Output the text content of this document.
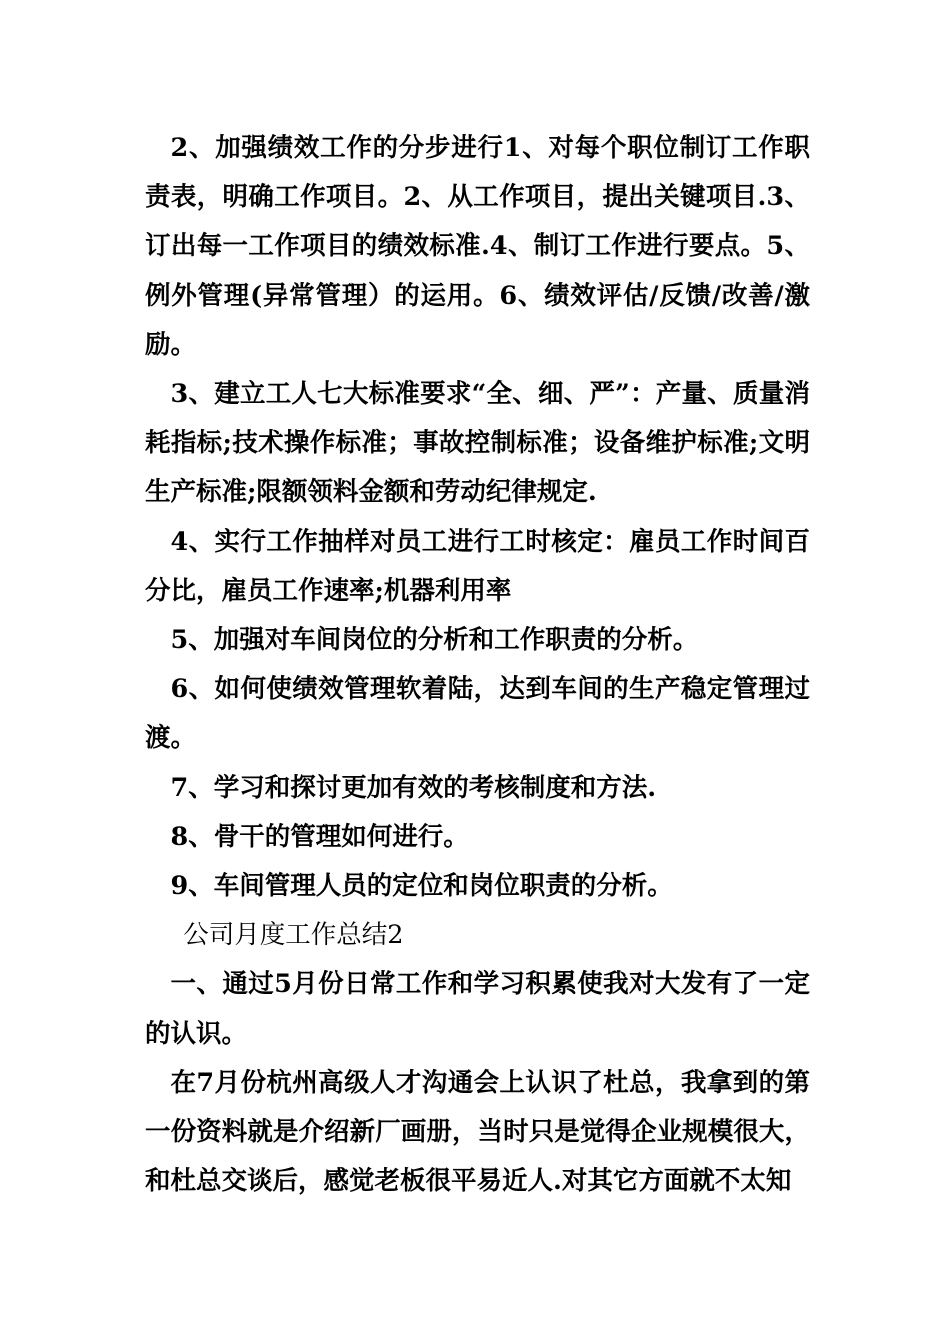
2、加强绩效工作的分步进行1、对每个职位制订工作职责表，明确工作项目。2、从工作项目，提出关键项目.3、订出每一工作项目的绩效标准.4、制订工作进行要点。5、例外管理(异常管理）的运用。6、绩效评估/反馈/改善/激励。

3、建立工人七大标准要求“全、细、严”：产量、质量消耗指标;技术操作标准；事故控制标准；设备维护标准;文明生产标准;限额领料金额和劳动纪律规定.

4、实行工作抽样对员工进行工时核定：雇员工作时间百分比，雇员工作速率;机器利用率

5、加强对车间岗位的分析和工作职责的分析。

6、如何使绩效管理软着陆，达到车间的生产稳定管理过渡。

7、学习和探讨更加有效的考核制度和方法.

8、骨干的管理如何进行。

9、车间管理人员的定位和岗位职责的分析。

公司月度工作总结2

一、通过5月份日常工作和学习积累使我对大发有了一定的认识。

在7月份杭州高级人才沟通会上认识了杜总，我拿到的第一份资料就是介绍新厂画册，当时只是觉得企业规模很大，和杜总交谈后，感觉老板很平易近人.对其它方面就不太知
